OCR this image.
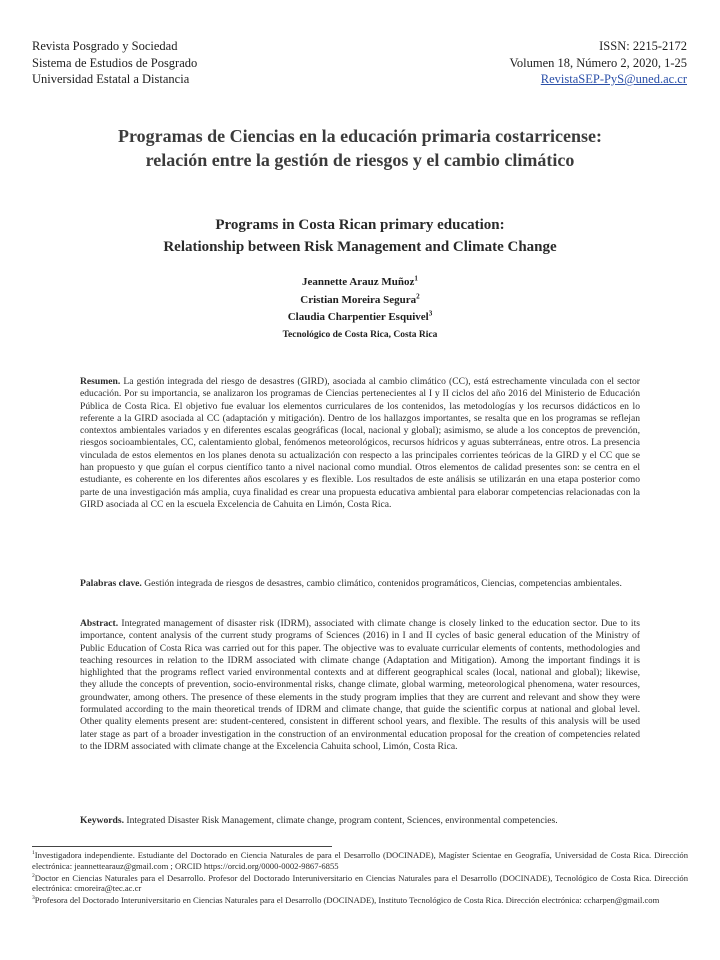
Revista Posgrado y Sociedad
Sistema de Estudios de Posgrado
Universidad Estatal a Distancia
ISSN: 2215-2172
Volumen 18, Número 2, 2020, 1-25
RevistaSEP-PyS@uned.ac.cr
Programas de Ciencias en la educación primaria costarricense:
relación entre la gestión de riesgos y el cambio climático
Programs in Costa Rican primary education:
Relationship between Risk Management and Climate Change
Jeannette Arauz Muñoz$^1$
Cristian Moreira Segura$^2$
Claudia Charpentier Esquivel$^3$
Tecnológico de Costa Rica, Costa Rica

Resumen. La gestión integrada del riesgo de desastres (GIRD), asociada al cambio climático (CC), está estrechamente vinculada con el sector educación. Por su importancia, se analizaron los programas de Ciencias pertenecientes al I y II ciclos del año 2016 del Ministerio de Educación Pública de Costa Rica. El objetivo fue evaluar los elementos curriculares de los contenidos, las metodologías y los recursos didácticos en lo referente a la GIRD asociada al CC (adaptación y mitigación). Dentro de los hallazgos importantes, se resalta que en los programas se reflejan contextos ambientales variados y en diferentes escalas geográficas (local, nacional y global); asimismo, se alude a los conceptos de prevención, riesgos socioambientales, CC, calentamiento global, fenómenos meteorológicos, recursos hídricos y aguas subterráneas, entre otros. La presencia vinculada de estos elementos en los planes denota su actualización con respecto a las principales corrientes teóricas de la GIRD y el CC que se han propuesto y que guían el corpus científico tanto a nivel nacional como mundial. Otros elementos de calidad presentes son: se centra en el estudiante, es coherente en los diferentes años escolares y es flexible. Los resultados de este análisis se utilizarán en una etapa posterior como parte de una investigación más amplia, cuya finalidad es crear una propuesta educativa ambiental para elaborar competencias relacionadas con la GIRD asociada al CC en la escuela Excelencia de Cahuita en Limón, Costa Rica.

Palabras clave. Gestión integrada de riesgos de desastres, cambio climático, contenidos programáticos, Ciencias, competencias ambientales.

Abstract. Integrated management of disaster risk (IDRM), associated with climate change is closely linked to the education sector. Due to its importance, content analysis of the current study programs of Sciences (2016) in I and II cycles of basic general education of the Ministry of Public Education of Costa Rica was carried out for this paper. The objective was to evaluate curricular elements of contents, methodologies and teaching resources in relation to the IDRM associated with climate change (Adaptation and Mitigation). Among the important findings it is highlighted that the programs reflect varied environmental contexts and at different geographical scales (local, national and global); likewise, they allude the concepts of prevention, socio-environmental risks, change climate, global warming, meteorological phenomena, water resources, groundwater, among others. The presence of these elements in the study program implies that they are current and relevant and show they were formulated according to the main theoretical trends of IDRM and climate change, that guide the scientific corpus at national and global level. Other quality elements present are: student-centered, consistent in different school years, and flexible. The results of this analysis will be used later stage as part of a broader investigation in the construction of an environmental education proposal for the creation of competencies related to the IDRM associated with climate change at the Excelencia Cahuita school, Limón, Costa Rica.

Keywords. Integrated Disaster Risk Management, climate change, program content, Sciences, environmental competencies.

$^1$Investigadora independiente. Estudiante del Doctorado en Ciencia Naturales de para el Desarrollo (DOCINADE), Magíster Scientae en Geografía, Universidad de Costa Rica. Dirección electrónica: jeannettearauz@gmail.com ; ORCID https://orcid.org/0000-0002-9867-6855

$^2$Doctor en Ciencias Naturales para el Desarrollo. Profesor del Doctorado Interuniversitario en Ciencias Naturales para el Desarrollo (DOCINADE), Tecnológico de Costa Rica. Dirección electrónica: cmoreira@tec.ac.cr

$^3$Profesora del Doctorado Interuniversitario en Ciencias Naturales para el Desarrollo (DOCINADE), Instituto Tecnológico de Costa Rica. Dirección electrónica: ccharpen@gmail.com
